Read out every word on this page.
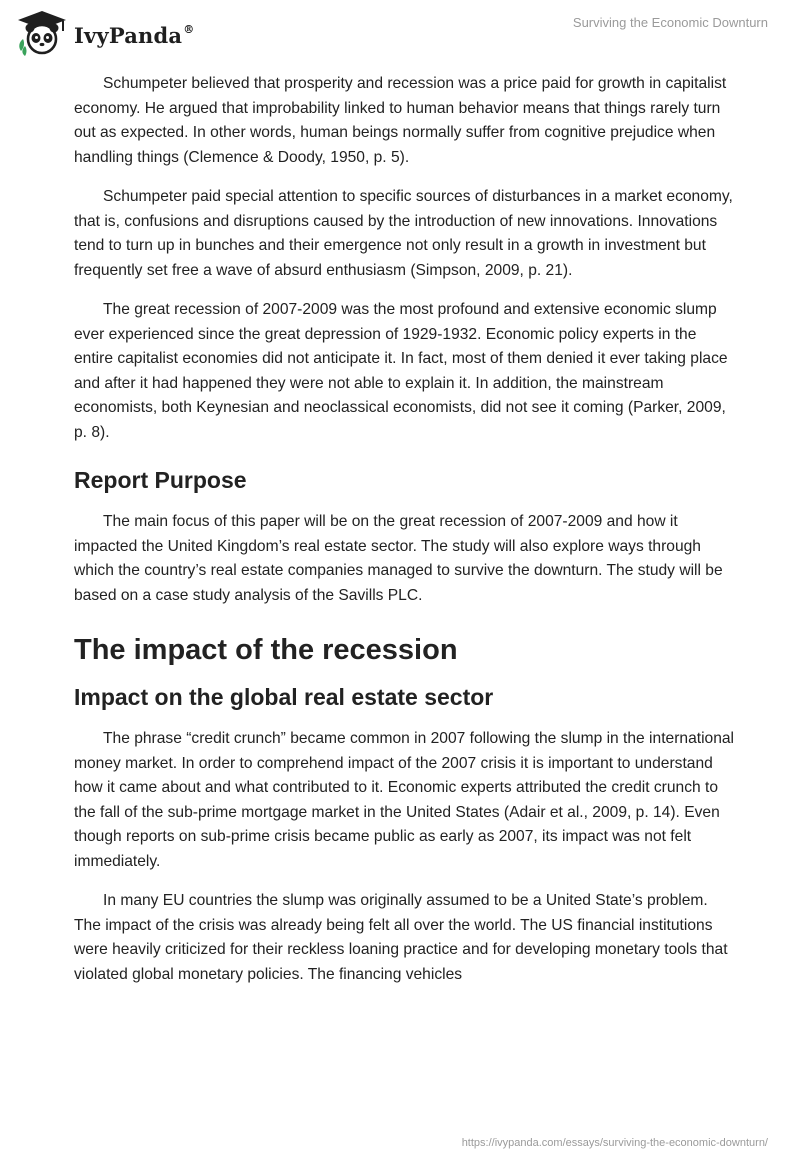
IvyPanda®	Surviving the Economic Downturn

Schumpeter believed that prosperity and recession was a price paid for growth in capitalist economy. He argued that improbability linked to human behavior means that things rarely turn out as expected. In other words, human beings normally suffer from cognitive prejudice when handling things (Clemence & Doody, 1950, p. 5).

Schumpeter paid special attention to specific sources of disturbances in a market economy, that is, confusions and disruptions caused by the introduction of new innovations. Innovations tend to turn up in bunches and their emergence not only result in a growth in investment but frequently set free a wave of absurd enthusiasm (Simpson, 2009, p. 21).

The great recession of 2007-2009 was the most profound and extensive economic slump ever experienced since the great depression of 1929-1932. Economic policy experts in the entire capitalist economies did not anticipate it. In fact, most of them denied it ever taking place and after it had happened they were not able to explain it. In addition, the mainstream economists, both Keynesian and neoclassical economists, did not see it coming (Parker, 2009, p. 8).

Report Purpose

The main focus of this paper will be on the great recession of 2007-2009 and how it impacted the United Kingdom’s real estate sector. The study will also explore ways through which the country’s real estate companies managed to survive the downturn. The study will be based on a case study analysis of the Savills PLC.

The impact of the recession
Impact on the global real estate sector

The phrase “credit crunch” became common in 2007 following the slump in the international money market. In order to comprehend impact of the 2007 crisis it is important to understand how it came about and what contributed to it. Economic experts attributed the credit crunch to the fall of the sub-prime mortgage market in the United States (Adair et al., 2009, p. 14). Even though reports on sub-prime crisis became public as early as 2007, its impact was not felt immediately.

In many EU countries the slump was originally assumed to be a United State’s problem. The impact of the crisis was already being felt all over the world. The US financial institutions were heavily criticized for their reckless loaning practice and for developing monetary tools that violated global monetary policies. The financing vehicles

https://ivypanda.com/essays/surviving-the-economic-downturn/
